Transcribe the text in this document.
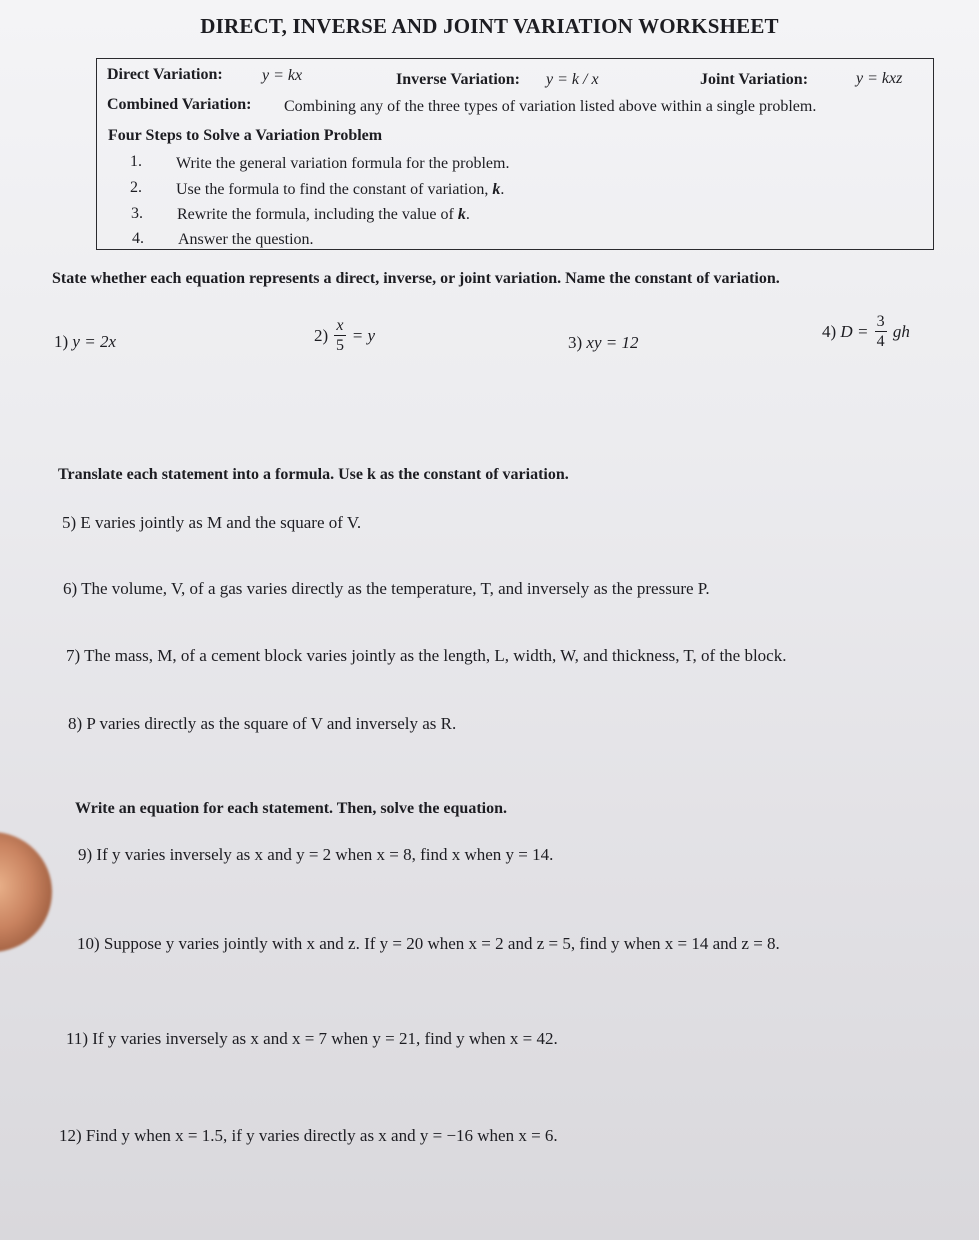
DIRECT, INVERSE AND JOINT VARIATION WORKSHEET
Direct Variation: y = kx	Inverse Variation: y = k / x	Joint Variation:	y = kxz
Combined Variation: Combining any of the three types of variation listed above within a single problem.
Four Steps to Solve a Variation Problem
1. Write the general variation formula for the problem.
2. Use the formula to find the constant of variation, k.
3. Rewrite the formula, including the value of k.
4. Answer the question.
State whether each equation represents a direct, inverse, or joint variation. Name the constant of variation.
1) y = 2x	$2) \frac{x}{5} = y$	3) xy = 12
4) $D = \frac{3}{4}$ gh
Translate each statement into a formula. Use k as the constant of variation.
5) E varies jointly as M and the square of V.
6) The volume, V, of a gas varies directly as the temperature, T, and inversely as the pressure P.
7) The mass, M, of a cement block varies jointly as the length, L, width, W, and thickness, T, of the block.
8) P varies directly as the square of V and inversely as R.
Write an equation for each statement. Then, solve the equation.
9) If y varies inversely as x and y = 2 when x = 8, find x when y = 14.
10) Suppose y varies jointly with x and z. If y = 20 when x = 2 and z = 5, find y when x = 14 and z = 8.
11) If y varies inversely as x and x = 7 when y = 21, find y when x = 42.
12) Find y when x = 1.5, if y varies directly as x and y = −16 when x = 6.
